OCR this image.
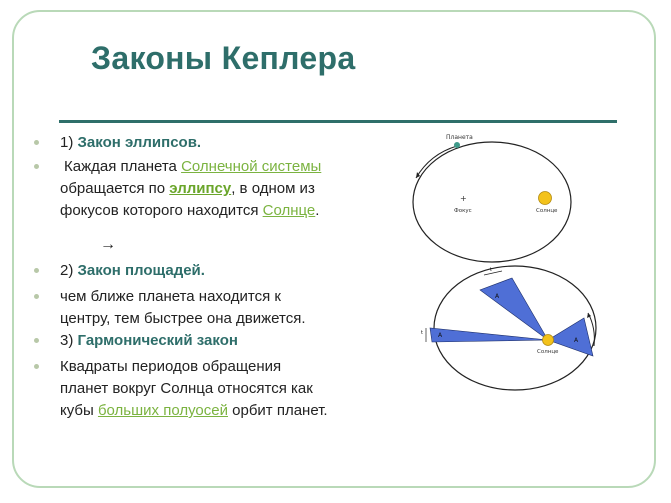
Законы Кеплера
1) Закон эллипсов.
Каждая планета Солнечной системы
обращается по эллипсу, в одном из
фокусов которого находится Солнце.
2) Закон площадей.
чем ближе планета находится к
центру, тем быстрее она движется.
3) Гармонический закон
Квадраты периодов обращения
планет вокруг Солнца относятся как
кубы больших полуосей орбит планет.
→
Планета
+
Фокус	Солнце
A
A
A
t
t
Солнце
